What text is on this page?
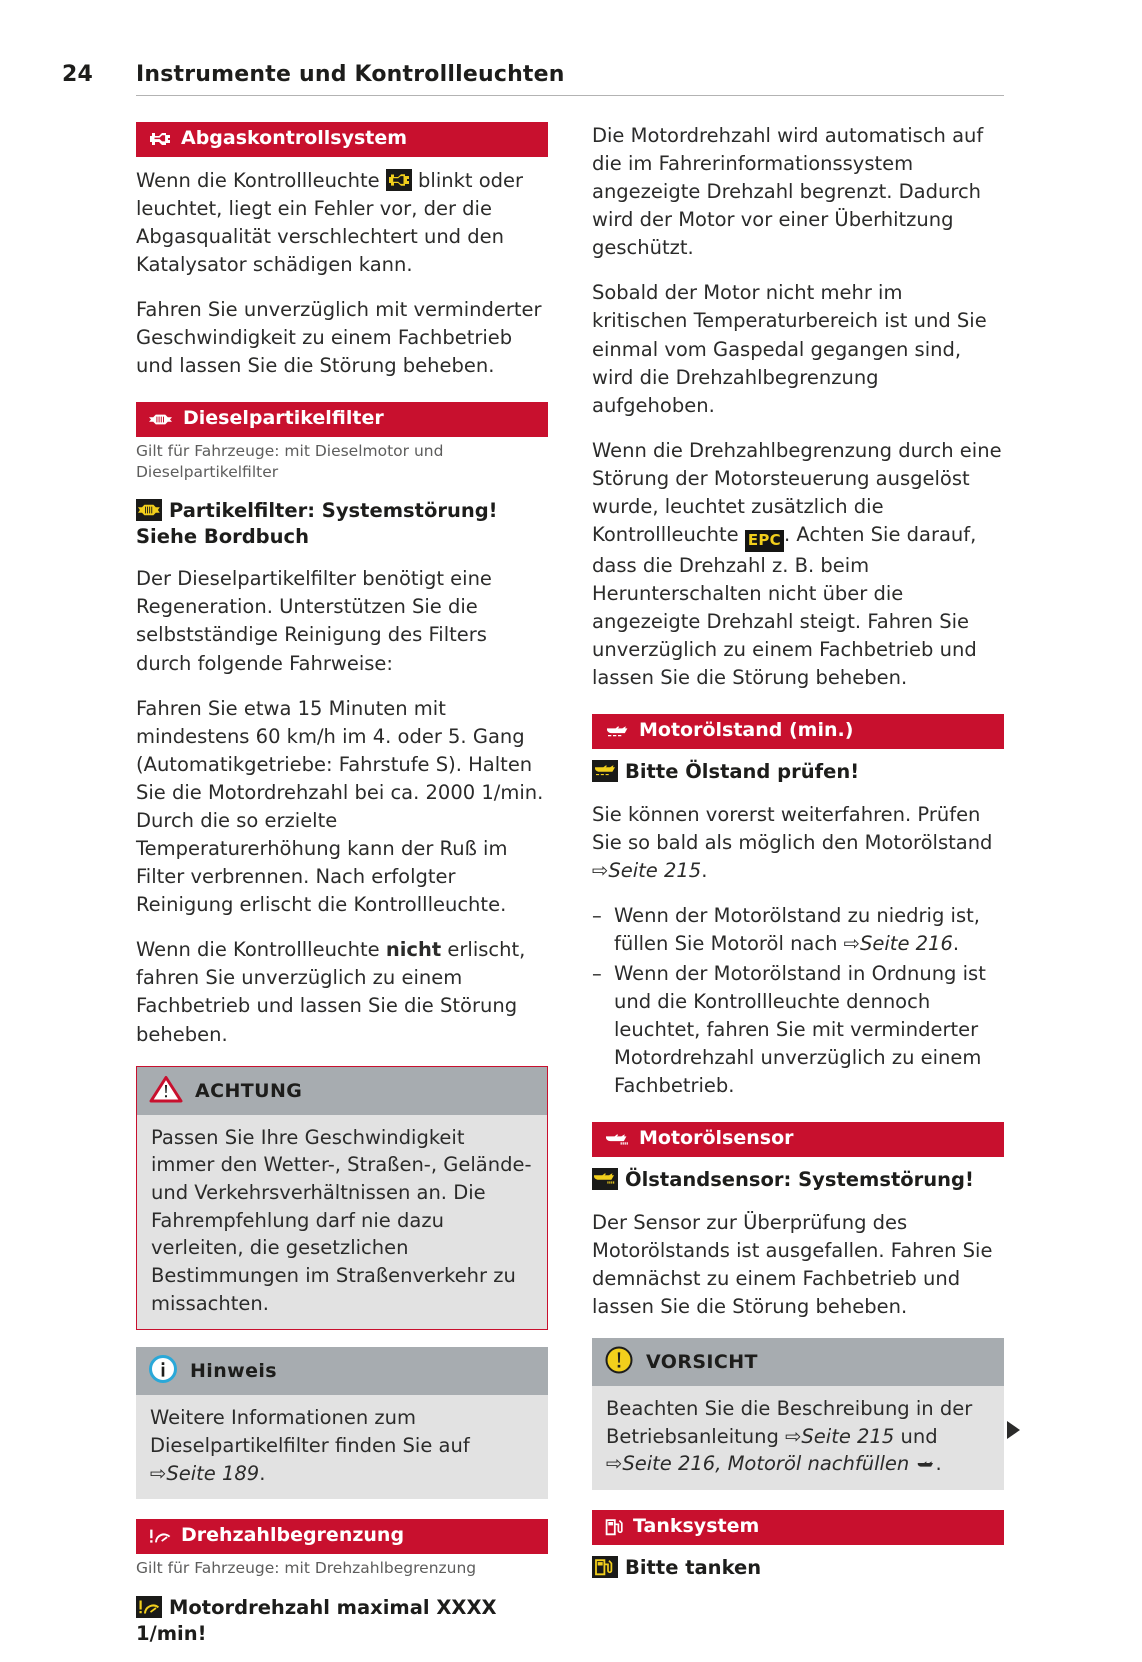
24 Instrumente und Kontrollleuchten
Abgaskontrollsystem

Wenn die Kontrollleuchte
blinkt oder leuchtet, liegt ein Fehler vor, der die Abgasqualität verschlechtert und den Katalysator schädigen kann.

Fahren Sie unverzüglich mit verminderter Geschwindigkeit zu einem Fachbetrieb und lassen Sie die Störung beheben.

Dieselpartikelfilter

Gilt für Fahrzeuge: mit Dieselmotor und Dieselpartikelfilter

Partikelfilter: Systemstörung! Siehe Bordbuch

Der Dieselpartikelfilter benötigt eine Regeneration. Unterstützen Sie die selbstständige Reinigung des Filters durch folgende Fahrweise:

Fahren Sie etwa 15 Minuten mit mindestens 60 km/h im 4. oder 5. Gang (Automatikgetriebe: Fahrstufe S). Halten Sie die Motordrehzahl bei ca. 2000 1/min. Durch die so erzielte Temperaturerhöhung kann der Ruß im Filter verbrennen. Nach erfolgter Reinigung erlischt die Kontrollleuchte.

Wenn die Kontrollleuchte nicht erlischt, fahren Sie unverzüglich zu einem Fachbetrieb und lassen Sie die Störung beheben.

ACHTUNG
Passen Sie Ihre Geschwindigkeit immer den Wetter-, Straßen-, Gelände- und Verkehrsverhältnissen an. Die Fahrempfehlung darf nie dazu verleiten, die gesetzlichen Bestimmungen im Straßenverkehr zu missachten.
Hinweis
Weitere Informationen zum Dieselpartikelfilter finden Sie auf ⇨Seite 189.
Drehzahlbegrenzung

Gilt für Fahrzeuge: mit Drehzahlbegrenzung

Motordrehzahl maximal XXXX 1/min!

Die Motordrehzahl wird automatisch auf die im Fahrerinformationssystem angezeigte Drehzahl begrenzt. Dadurch wird der Motor vor einer Überhitzung geschützt.

Sobald der Motor nicht mehr im kritischen Temperaturbereich ist und Sie einmal vom Gaspedal gegangen sind, wird die Drehzahlbegrenzung aufgehoben.

Wenn die Drehzahlbegrenzung durch eine Störung der Motorsteuerung ausgelöst wurde, leuchtet zusätzlich die Kontrollleuchte EPC . Achten Sie darauf, dass die Drehzahl z. B. beim Herunterschalten nicht über die angezeigte Drehzahl steigt. Fahren Sie unverzüglich zu einem Fachbetrieb und lassen Sie die Störung beheben.

Motorölstand (min.)

Bitte Ölstand prüfen!

Sie können vorerst weiterfahren. Prüfen Sie so bald als möglich den Motorölstand ⇨Seite 215.

– Wenn der Motorölstand zu niedrig ist, füllen Sie Motoröl nach ⇨Seite 216.
– Wenn der Motorölstand in Ordnung ist und die Kontrollleuchte dennoch leuchtet, fahren Sie mit verminderter Motordrehzahl unverzüglich zu einem Fachbetrieb.
Motorölsensor

Ölstandsensor: Systemstörung!

Der Sensor zur Überprüfung des Motorölstands ist ausgefallen. Fahren Sie demnächst zu einem Fachbetrieb und lassen Sie die Störung beheben.

VORSICHT
Beachten Sie die Beschreibung in der Betriebsanleitung ⇨Seite 215 und ⇨Seite 216, Motoröl nachfüllen .
Tanksystem

Bitte tanken
